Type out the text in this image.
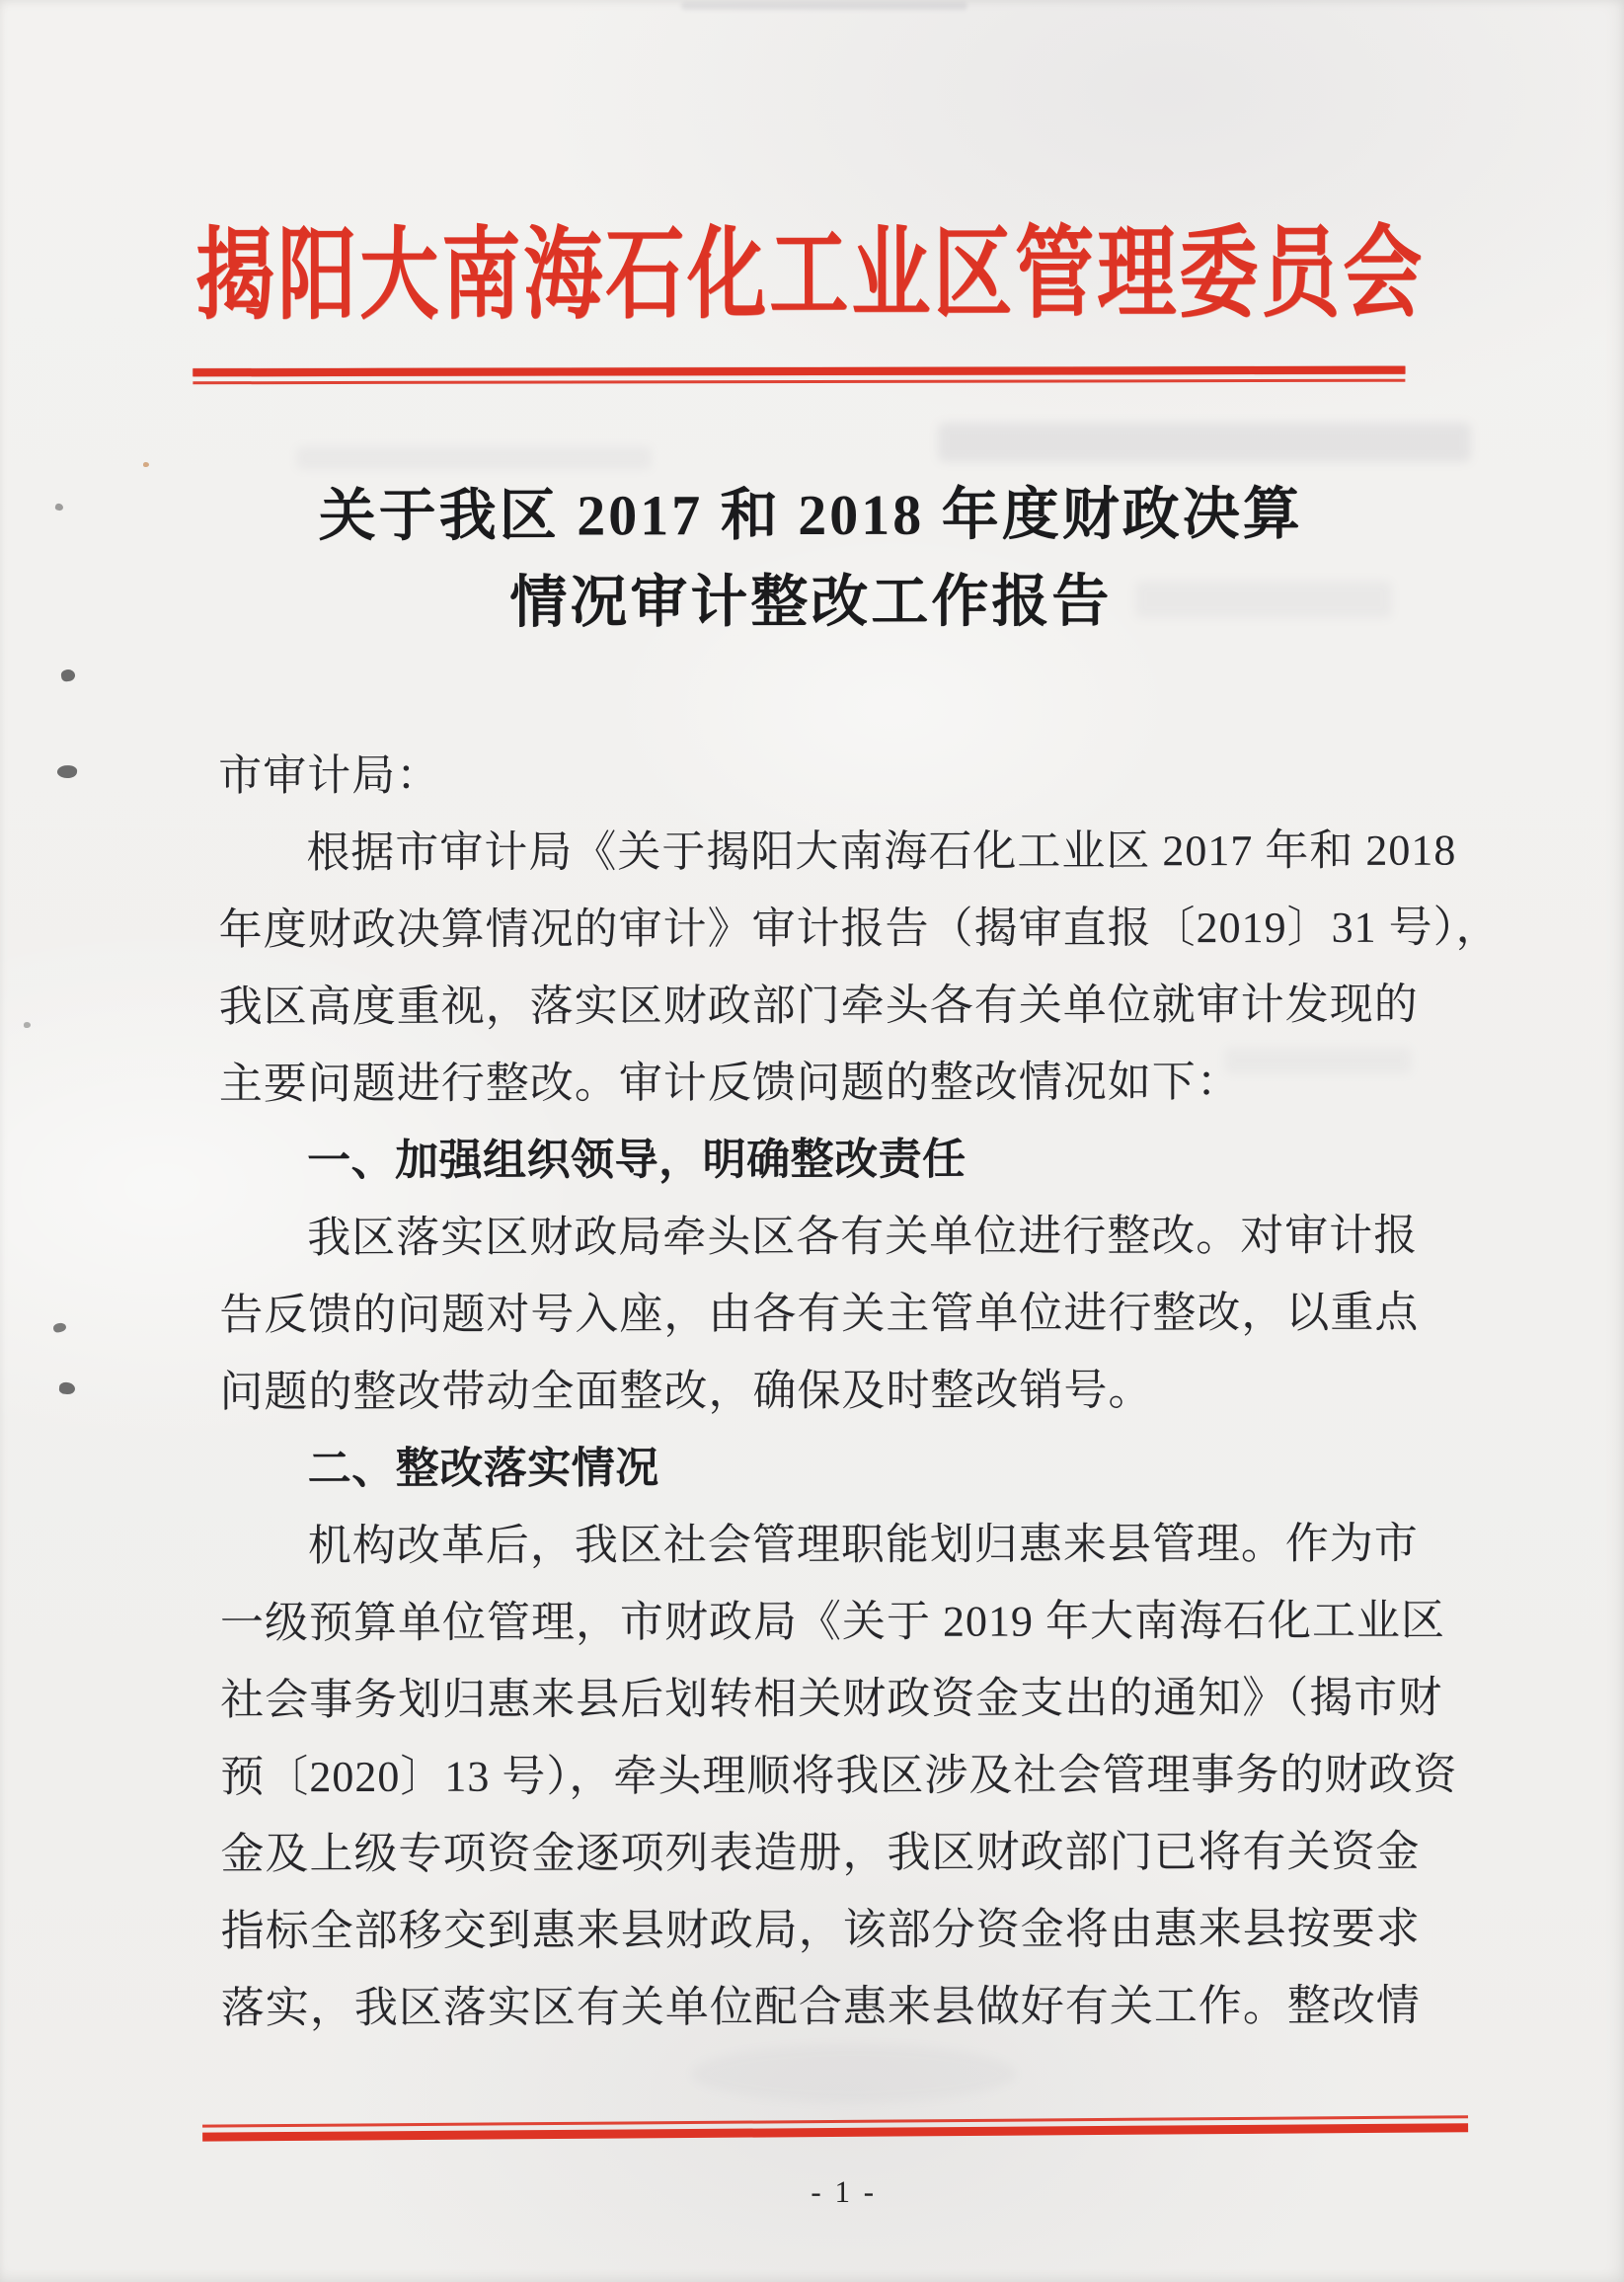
揭阳大南海石化工业区管理委员会
关于我区 2017 和 2018 年度财政决算
情况审计整改工作报告
市审计局：
根据市审计局《关于揭阳大南海石化工业区 2017 年和 2018
年度财政决算情况的审计》审计报告（揭审直报〔2019〕31 号），
我区高度重视，落实区财政部门牵头各有关单位就审计发现的
主要问题进行整改。审计反馈问题的整改情况如下：
一、加强组织领导，明确整改责任
我区落实区财政局牵头区各有关单位进行整改。对审计报
告反馈的问题对号入座，由各有关主管单位进行整改，以重点
问题的整改带动全面整改，确保及时整改销号。
二、整改落实情况
机构改革后，我区社会管理职能划归惠来县管理。作为市
一级预算单位管理，市财政局《关于 2019 年大南海石化工业区
社会事务划归惠来县后划转相关财政资金支出的通知》（揭市财
预〔2020〕13 号），牵头理顺将我区涉及社会管理事务的财政资
金及上级专项资金逐项列表造册，我区财政部门已将有关资金
指标全部移交到惠来县财政局，该部分资金将由惠来县按要求
落实，我区落实区有关单位配合惠来县做好有关工作。整改情
- 1 -
